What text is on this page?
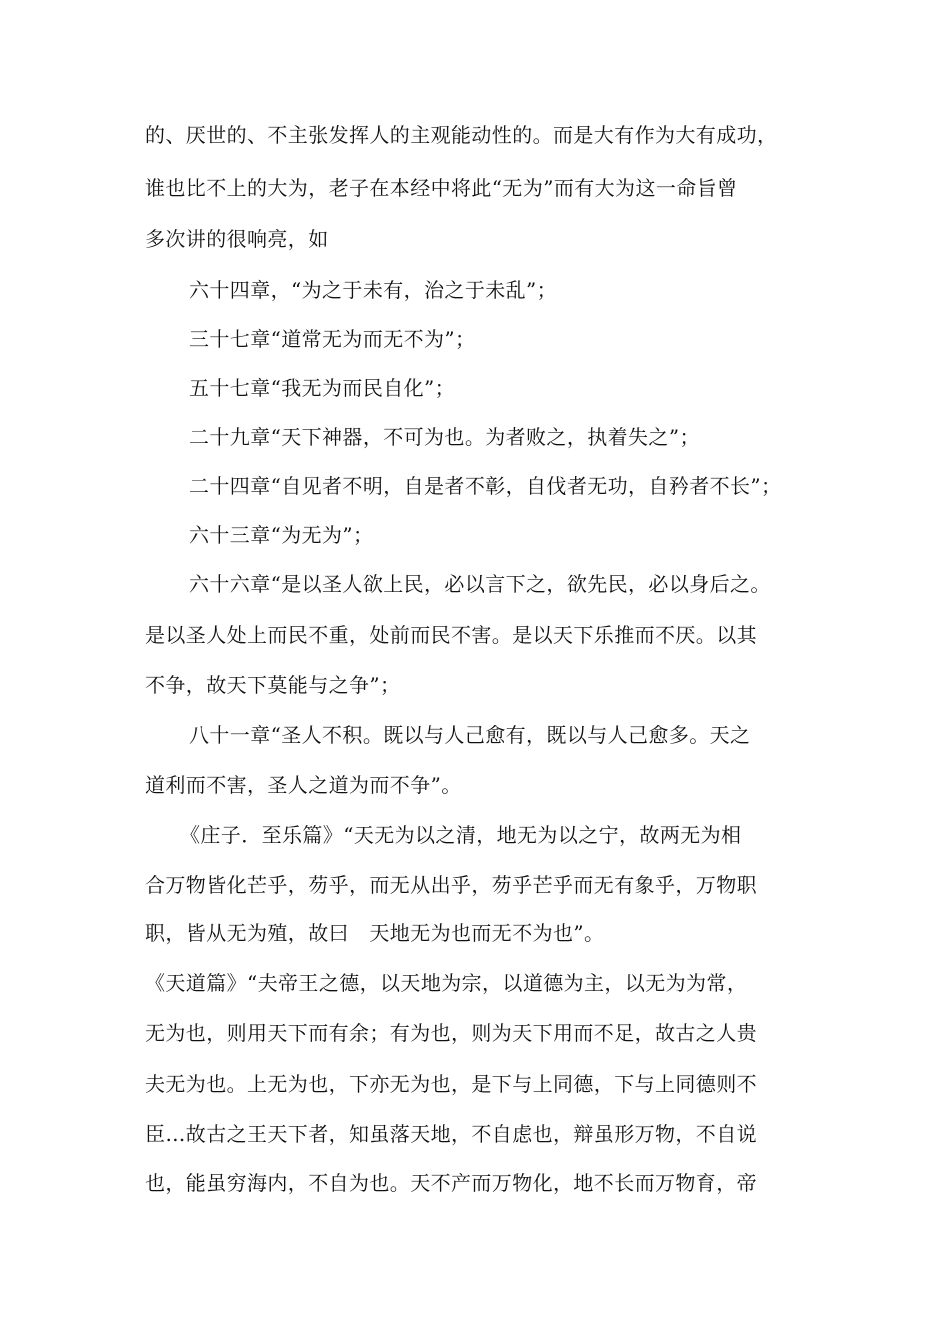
的、厌世的、不主张发挥人的主观能动性的。而是大有作为大有成功，
谁也比不上的大为，老子在本经中将此“无为”而有大为这一命旨曾
多次讲的很响亮，如
六十四章，“为之于未有，治之于未乱”；
三十七章“道常无为而无不为”；
五十七章“我无为而民自化”；
二十九章“天下神器，不可为也。为者败之，执着失之”；
二十四章“自见者不明，自是者不彰，自伐者无功，自矜者不长”；
六十三章“为无为”；
六十六章“是以圣人欲上民，必以言下之，欲先民，必以身后之。
是以圣人处上而民不重，处前而民不害。是以天下乐推而不厌。以其
不争，故天下莫能与之争”；
八十一章“圣人不积。既以与人己愈有，既以与人己愈多。天之
道利而不害，圣人之道为而不争”。
《庄子．至乐篇》“天无为以之清，地无为以之宁，故两无为相
合万物皆化芒乎，芴乎，而无从出乎，芴乎芒乎而无有象乎，万物职
职，皆从无为殖，故曰　天地无为也而无不为也”。
《天道篇》“夫帝王之德，以天地为宗，以道德为主，以无为为常，
无为也，则用天下而有余；有为也，则为天下用而不足，故古之人贵
夫无为也。上无为也，下亦无为也，是下与上同德，下与上同德则不
臣…故古之王天下者，知虽落天地，不自虑也，辩虽形万物，不自说
也，能虽穷海内，不自为也。天不产而万物化，地不长而万物育，帝
